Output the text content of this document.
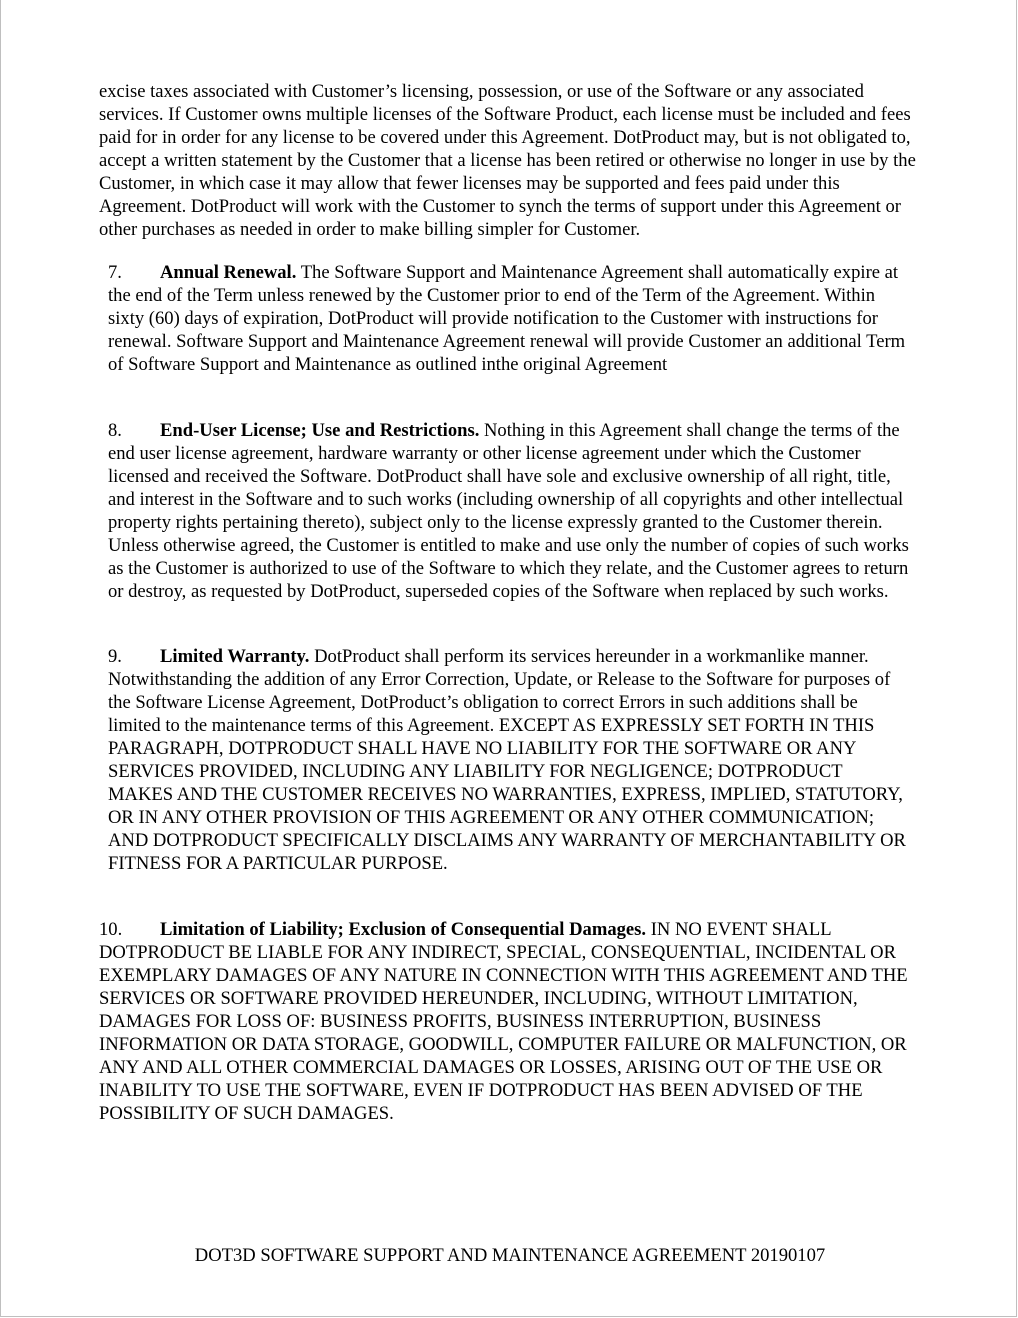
excise taxes associated with Customer’s licensing, possession, or use of the Software or any associated services. If Customer owns multiple licenses of the Software Product, each license must be included and fees paid for in order for any license to be covered under this Agreement. DotProduct may, but is not obligated to, accept a written statement by the Customer that a license has been retired or otherwise no longer in use by the Customer, in which case it may allow that fewer licenses may be supported and fees paid under this Agreement. DotProduct will work with the Customer to synch the terms of support under this Agreement or other purchases as needed in order to make billing simpler for Customer.

7. Annual Renewal. The Software Support and Maintenance Agreement shall automatically expire at the end of the Term unless renewed by the Customer prior to end of the Term of the Agreement. Within sixty (60) days of expiration, DotProduct will provide notification to the Customer with instructions for renewal. Software Support and Maintenance Agreement renewal will provide Customer an additional Term of Software Support and Maintenance as outlined inthe original Agreement

8. End-User License; Use and Restrictions. Nothing in this Agreement shall change the terms of the end user license agreement, hardware warranty or other license agreement under which the Customer licensed and received the Software. DotProduct shall have sole and exclusive ownership of all right, title, and interest in the Software and to such works (including ownership of all copyrights and other intellectual property rights pertaining thereto), subject only to the license expressly granted to the Customer therein. Unless otherwise agreed, the Customer is entitled to make and use only the number of copies of such works as the Customer is authorized to use of the Software to which they relate, and the Customer agrees to return or destroy, as requested by DotProduct, superseded copies of the Software when replaced by such works.

9. Limited Warranty. DotProduct shall perform its services hereunder in a workmanlike manner. Notwithstanding the addition of any Error Correction, Update, or Release to the Software for purposes of the Software License Agreement, DotProduct’s obligation to correct Errors in such additions shall be limited to the maintenance terms of this Agreement. EXCEPT AS EXPRESSLY SET FORTH IN THIS PARAGRAPH, DOTPRODUCT SHALL HAVE NO LIABILITY FOR THE SOFTWARE OR ANY SERVICES PROVIDED, INCLUDING ANY LIABILITY FOR NEGLIGENCE; DOTPRODUCT MAKES AND THE CUSTOMER RECEIVES NO WARRANTIES, EXPRESS, IMPLIED, STATUTORY, OR IN ANY OTHER PROVISION OF THIS AGREEMENT OR ANY OTHER COMMUNICATION; AND DOTPRODUCT SPECIFICALLY DISCLAIMS ANY WARRANTY OF MERCHANTABILITY OR FITNESS FOR A PARTICULAR PURPOSE.

10. Limitation of Liability; Exclusion of Consequential Damages. IN NO EVENT SHALL DOTPRODUCT BE LIABLE FOR ANY INDIRECT, SPECIAL, CONSEQUENTIAL, INCIDENTAL OR EXEMPLARY DAMAGES OF ANY NATURE IN CONNECTION WITH THIS AGREEMENT AND THE SERVICES OR SOFTWARE PROVIDED HEREUNDER, INCLUDING, WITHOUT LIMITATION, DAMAGES FOR LOSS OF: BUSINESS PROFITS, BUSINESS INTERRUPTION, BUSINESS INFORMATION OR DATA STORAGE, GOODWILL, COMPUTER FAILURE OR MALFUNCTION, OR ANY AND ALL OTHER COMMERCIAL DAMAGES OR LOSSES, ARISING OUT OF THE USE OR INABILITY TO USE THE SOFTWARE, EVEN IF DOTPRODUCT HAS BEEN ADVISED OF THE POSSIBILITY OF SUCH DAMAGES.

DOT3D SOFTWARE SUPPORT AND MAINTENANCE AGREEMENT 20190107
